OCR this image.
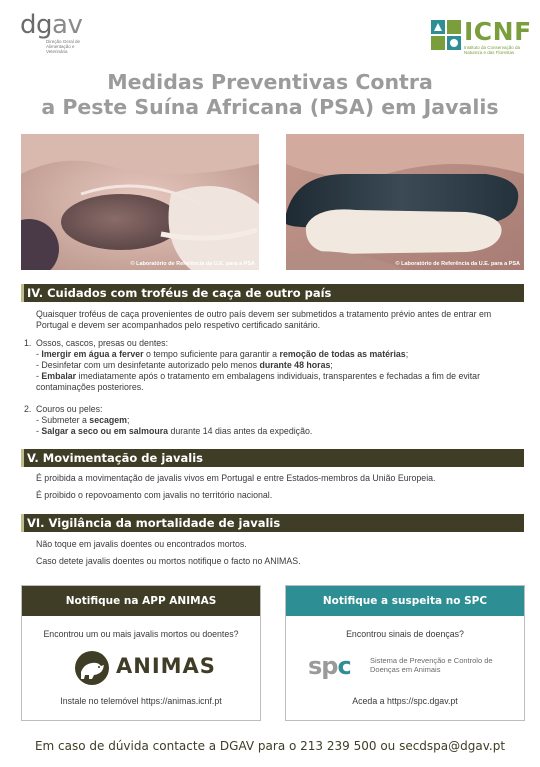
dgav
Direção Geral de Alimentação e Veterinária
ICNF
Instituto da Conservação da Natureza e das Florestas
Medidas Preventivas Contra
a Peste Suína Africana (PSA) em Javalis
© Laboratório de Referência da U.E. para a PSA	© Laboratório de Referência da U.E. para a PSA
IV. Cuidados com troféus de caça de outro país
Quaisquer troféus de caça provenientes de outro país devem ser submetidos a tratamento prévio antes de entrar em Portugal e devem ser acompanhados pelo respetivo certificado sanitário.
1. Ossos, cascos, presas ou dentes:
- Imergir em água a ferver o tempo suficiente para garantir a remoção de todas as matérias;
- Desinfetar com um desinfetante autorizado pelo menos durante 48 horas;
- Embalar imediatamente após o tratamento em embalagens individuais, transparentes e fechadas a fim de evitar contaminações posteriores.
2. Couros ou peles:
- Submeter a secagem;
- Salgar a seco ou em salmoura durante 14 dias antes da expedição.
V. Movimentação de javalis
É proibida a movimentação de javalis vivos em Portugal e entre Estados-membros da União Europeia.
É proibido o repovoamento com javalis no território nacional.
VI. Vigilância da mortalidade de javalis
Não toque em javalis doentes ou encontrados mortos.
Caso detete javalis doentes ou mortos notifique o facto no ANIMAS.
Notifique na APP ANIMAS
Encontrou um ou mais javalis mortos ou doentes?
ANIMAS
Instale no telemóvel https://animas.icnf.pt
Notifique a suspeita no SPC
Encontrou sinais de doenças?
spc	Sistema de Prevenção e Controlo de Doenças em Animais
Aceda a https://spc.dgav.pt
Em caso de dúvida contacte a DGAV para o 213 239 500 ou secdspa@dgav.pt
